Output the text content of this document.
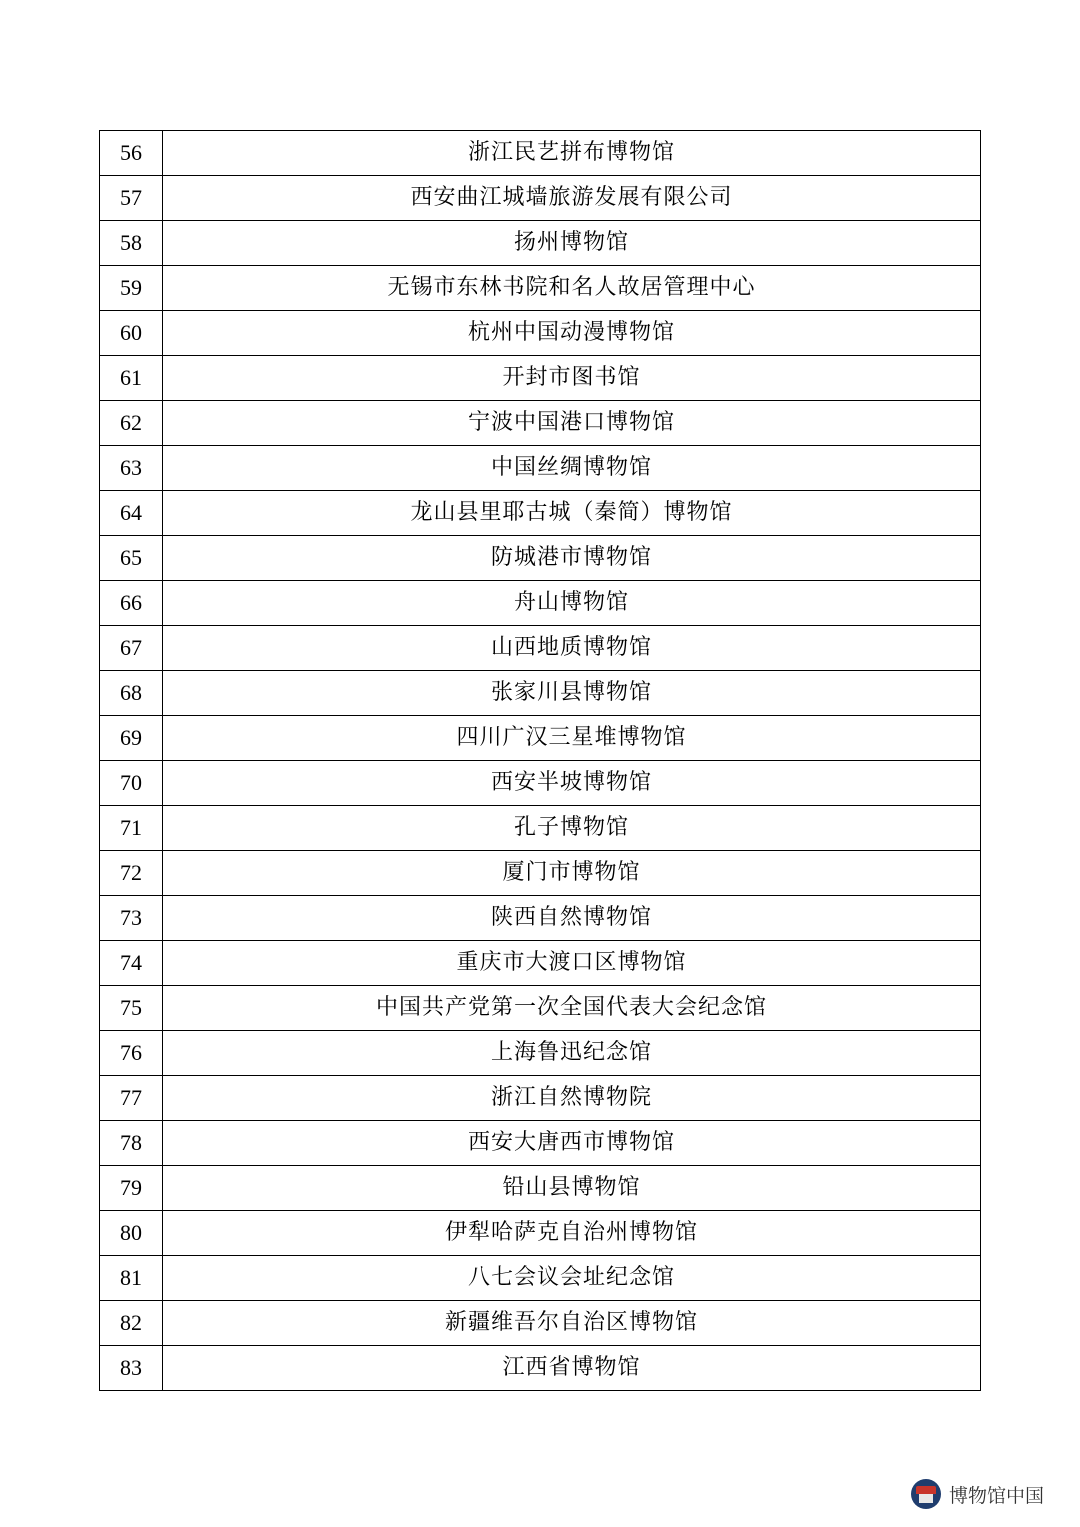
56	浙江民艺拼布博物馆
57	西安曲江城墙旅游发展有限公司
58	扬州博物馆
59	无锡市东林书院和名人故居管理中心
60	杭州中国动漫博物馆
61	开封市图书馆
62	宁波中国港口博物馆
63	中国丝绸博物馆
64	龙山县里耶古城（秦简）博物馆
65	防城港市博物馆
66	舟山博物馆
67	山西地质博物馆
68	张家川县博物馆
69	四川广汉三星堆博物馆
70	西安半坡博物馆
71	孔子博物馆
72	厦门市博物馆
73	陕西自然博物馆
74	重庆市大渡口区博物馆
75	中国共产党第一次全国代表大会纪念馆
76	上海鲁迅纪念馆
77	浙江自然博物院
78	西安大唐西市博物馆
79	铅山县博物馆
80	伊犁哈萨克自治州博物馆
81	八七会议会址纪念馆
82	新疆维吾尔自治区博物馆
83	江西省博物馆
博物馆中国
